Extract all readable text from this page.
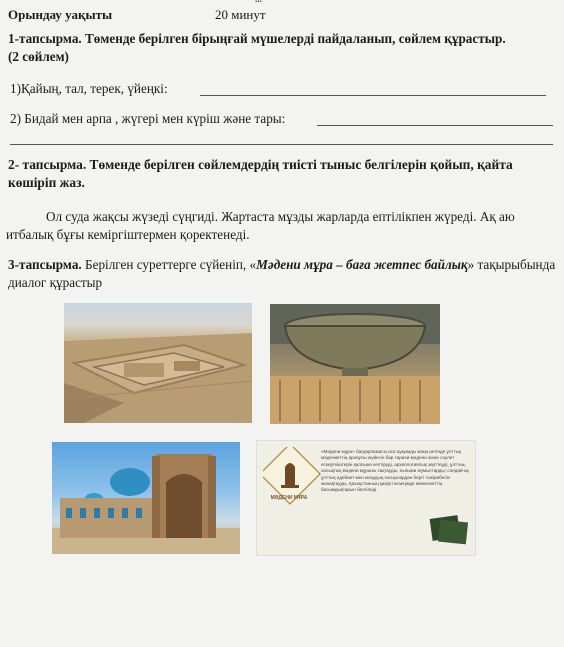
Орындау уақыты	20 минут
1-тапсырма. Төменде берілген бірыңғай мүшелерді пайдаланып, сөйлем құрастыр.
(2 сөйлем)
1)Қайың, тал, терек, үйеңкі:
2) Бидай мен арпа , жүгері мен күріш және тары:
2- тапсырма. Төменде берілген сөйлемдердің тиісті тыныс белгілерін қойып, қайта көшіріп жаз.
Ол суда жақсы жүзеді сүңгиді. Жартаста мұзды жарларда ептілікпен жүреді. Ақ аю итбалық бұғы кеміргіштермен қоректенеді.
3-тапсырма. Берілген суреттерге сүйеніп, «Мәдени мұра – баға жетпес байлық» тақырыбында диалог құрастыр
МӘДЕНИ МҰРА
«Мәдени мұра» бағдарламасы аса ауқымды жаңа ретінде ұлттық мәдениеттің арнаулы жүйесін бар тарихи-мәдени және сәулет ескерткіштерін қалпына келтіруді, археологиялық зерттеуді, ұлттық-халықтық мәдени мұраны сақтауды, ғылыми жұмыстарды; сондай-ақ ұлттық әдебиет мен жазудың ғасырлардан бергі тәжірибесін жинақтауды, Қазақстанның қазіргі кезеңінде мемлекеттің басымдықтарын белгіледі.
